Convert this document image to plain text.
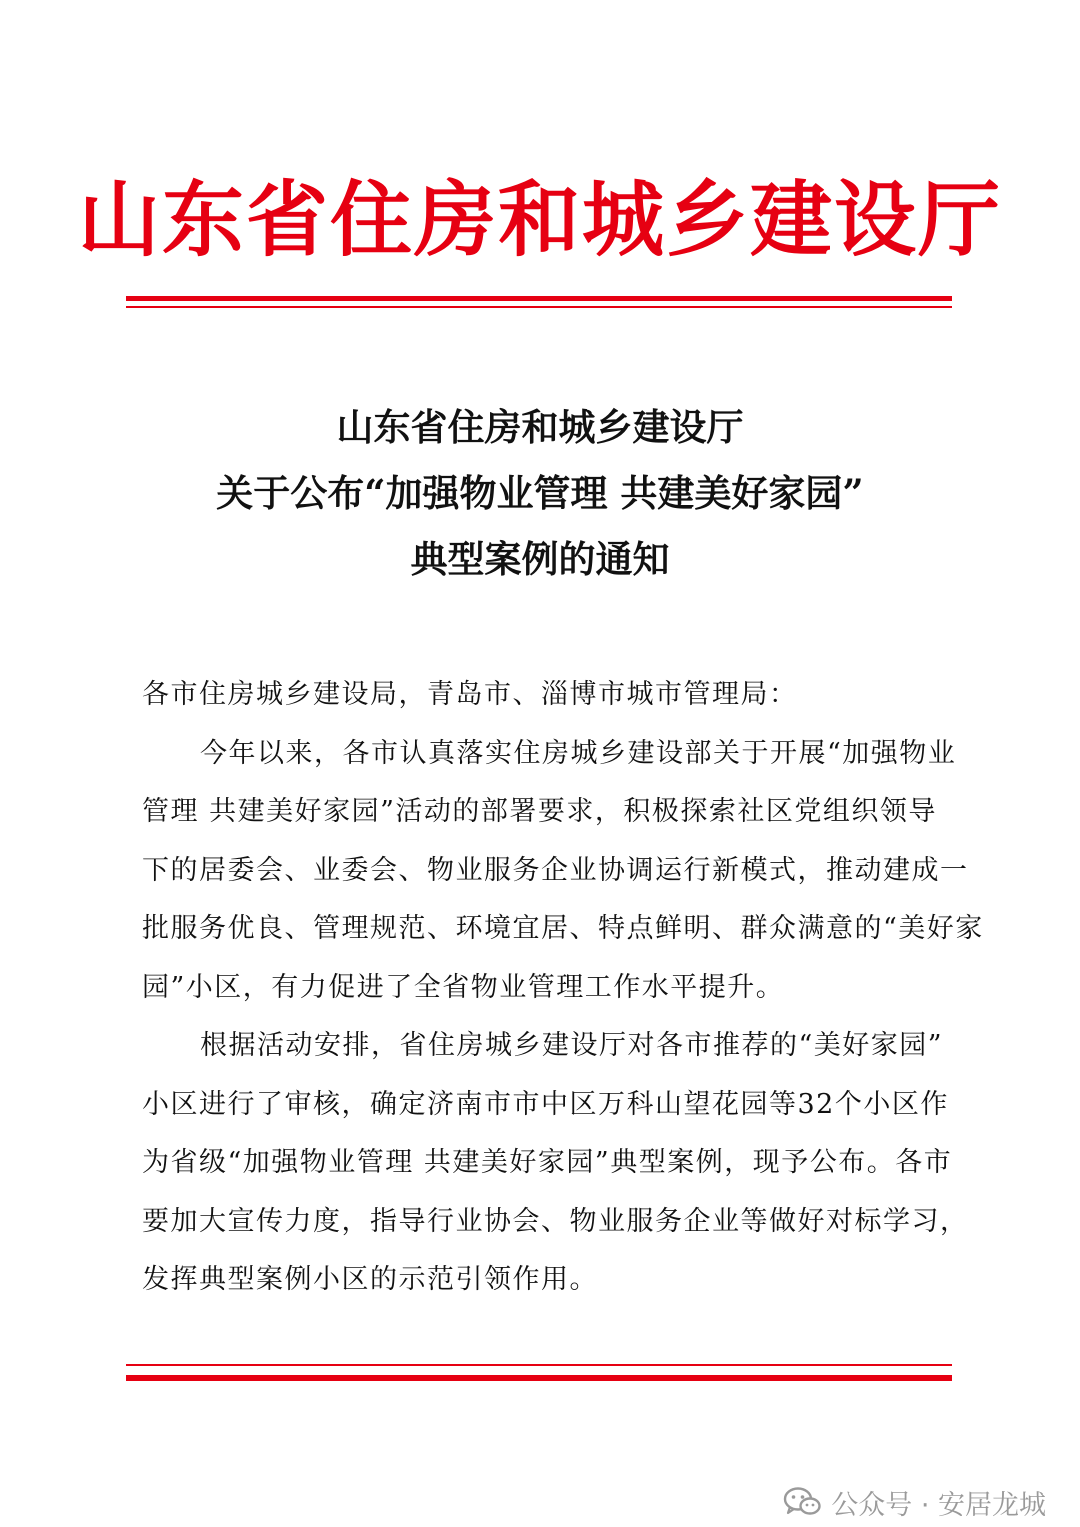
山东省住房和城乡建设厅
山东省住房和城乡建设厅
关于公布“加强物业管理 共建美好家园”
典型案例的通知

各市住房城乡建设局，青岛市、淄博市城市管理局：

今年以来，各市认真落实住房城乡建设部关于开展“加强物业

管理 共建美好家园”活动的部署要求，积极探索社区党组织领导

下的居委会、业委会、物业服务企业协调运行新模式，推动建成一

批服务优良、管理规范、环境宜居、特点鲜明、群众满意的“美好家

园”小区，有力促进了全省物业管理工作水平提升。

根据活动安排，省住房城乡建设厅对各市推荐的“美好家园”

小区进行了审核，确定济南市市中区万科山望花园等32个小区作

为省级“加强物业管理 共建美好家园”典型案例，现予公布。各市

要加大宣传力度，指导行业协会、物业服务企业等做好对标学习，

发挥典型案例小区的示范引领作用。

公众号 · 安居龙城
